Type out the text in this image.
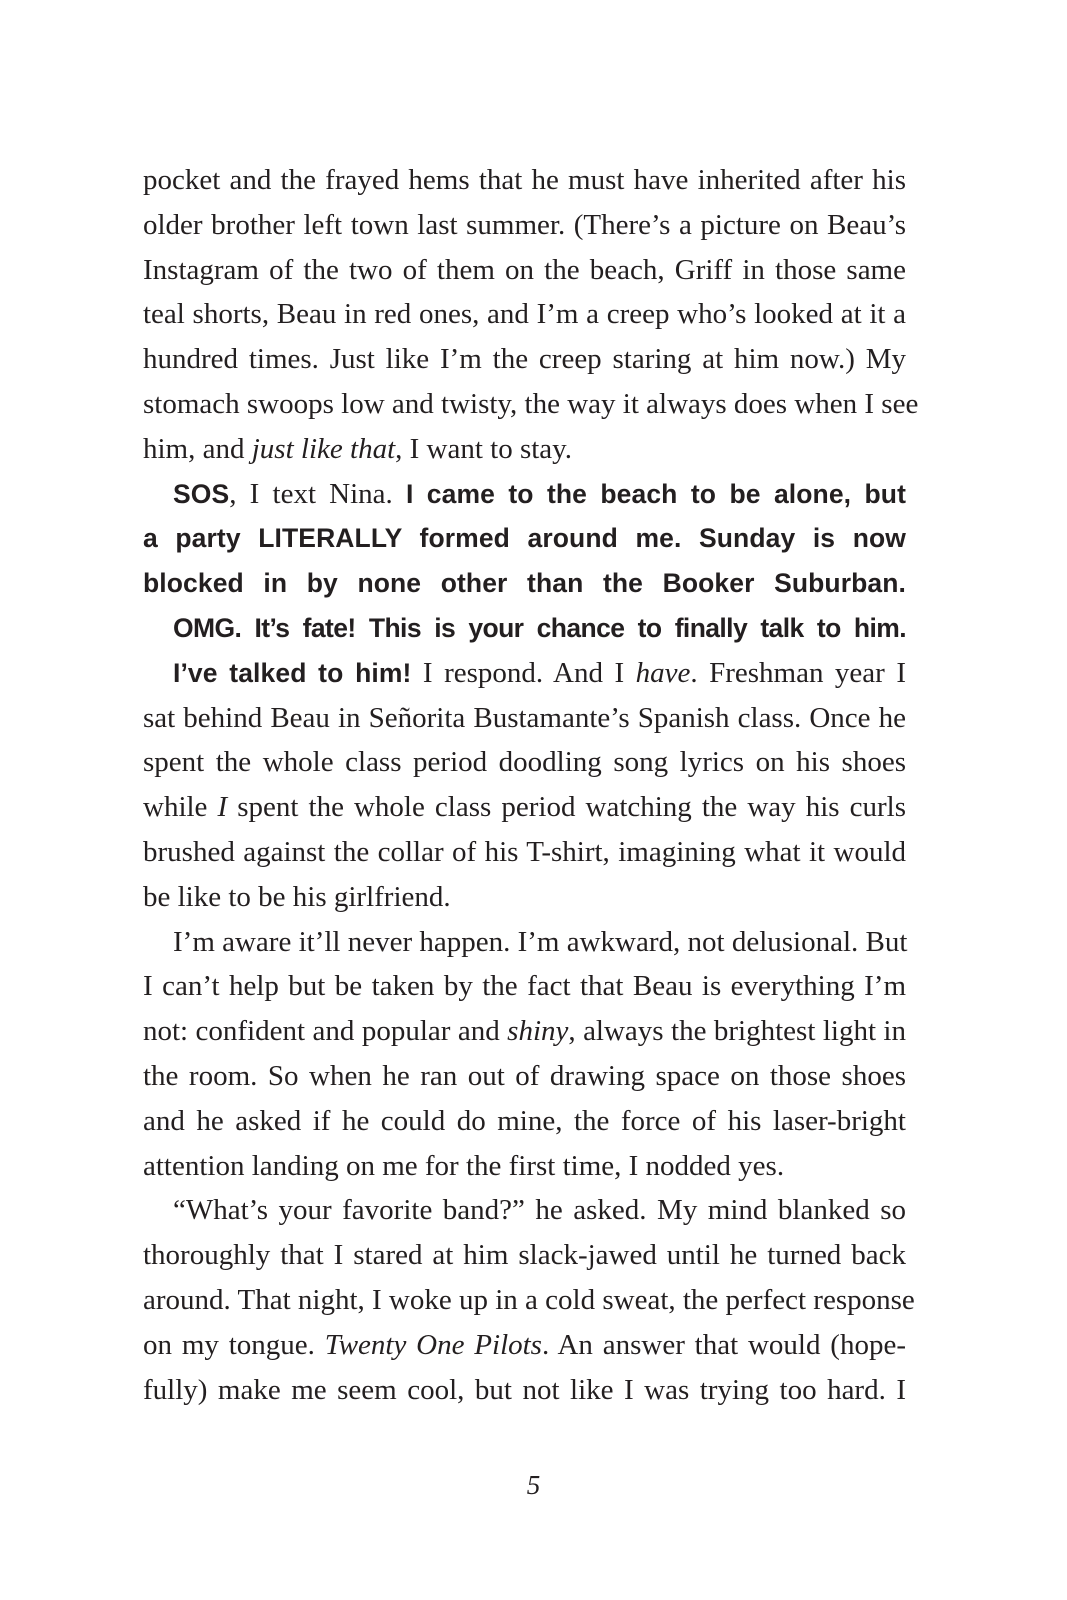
pocket and the frayed hems that he must have inherited after his
older brother left town last summer. (There’s a picture on Beau’s
Instagram of the two of them on the beach, Griff in those same
teal shorts, Beau in red ones, and I’m a creep who’s looked at it a
hundred times. Just like I’m the creep staring at him now.) My
stomach swoops low and twisty, the way it always does when I see
him, and just like that, I want to stay.
SOS, I text Nina. I came to the beach to be alone, but
a party LITERALLY formed around me. Sunday is now
blocked in by none other than the Booker Suburban.
OMG. It’s fate! This is your chance to finally talk to him.
I’ve talked to him! I respond. And I have. Freshman year I
sat behind Beau in Señorita Bustamante’s Spanish class. Once he
spent the whole class period doodling song lyrics on his shoes
while I spent the whole class period watching the way his curls
brushed against the collar of his T-shirt, imagining what it would
be like to be his girlfriend.
I’m aware it’ll never happen. I’m awkward, not delusional. But
I can’t help but be taken by the fact that Beau is everything I’m
not: confident and popular and shiny, always the brightest light in
the room. So when he ran out of drawing space on those shoes
and he asked if he could do mine, the force of his laser-bright
attention landing on me for the first time, I nodded yes.
“What’s your favorite band?” he asked. My mind blanked so
thoroughly that I stared at him slack-jawed until he turned back
around. That night, I woke up in a cold sweat, the perfect response
on my tongue. Twenty One Pilots. An answer that would (hope-
fully) make me seem cool, but not like I was trying too hard. I
5
